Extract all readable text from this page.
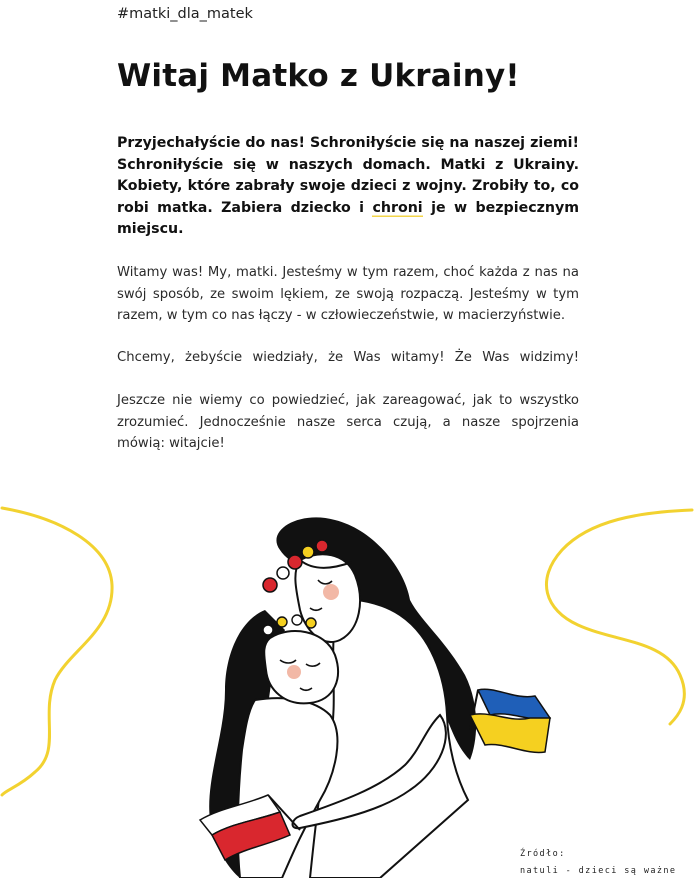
#matki_dla_matek
Witaj Matko z Ukrainy!

Przyjechałyście do nas! Schroniłyście się na naszej ziemi! Schroniłyście się w naszych domach. Matki z Ukrainy. Kobiety, które zabrały swoje dzieci z wojny. Zrobiły to, co robi matka. Zabiera dziecko i chroni je w bezpiecznym miejscu.

Witamy was! My, matki. Jesteśmy w tym razem, choć każda z nas na swój sposób, ze swoim lękiem, ze swoją rozpaczą. Jesteśmy w tym razem, w tym co nas łączy - w człowieczeństwie, w macierzyństwie.

Chcemy, żebyście wiedziały, że Was witamy! Że Was widzimy!

Jeszcze nie wiemy co powiedzieć, jak zareagować, jak to wszystko zrozumieć. Jednocześnie nasze serca czują, a nasze spojrzenia mówią: witajcie!

Źródło:
natuli - dzieci są ważne
